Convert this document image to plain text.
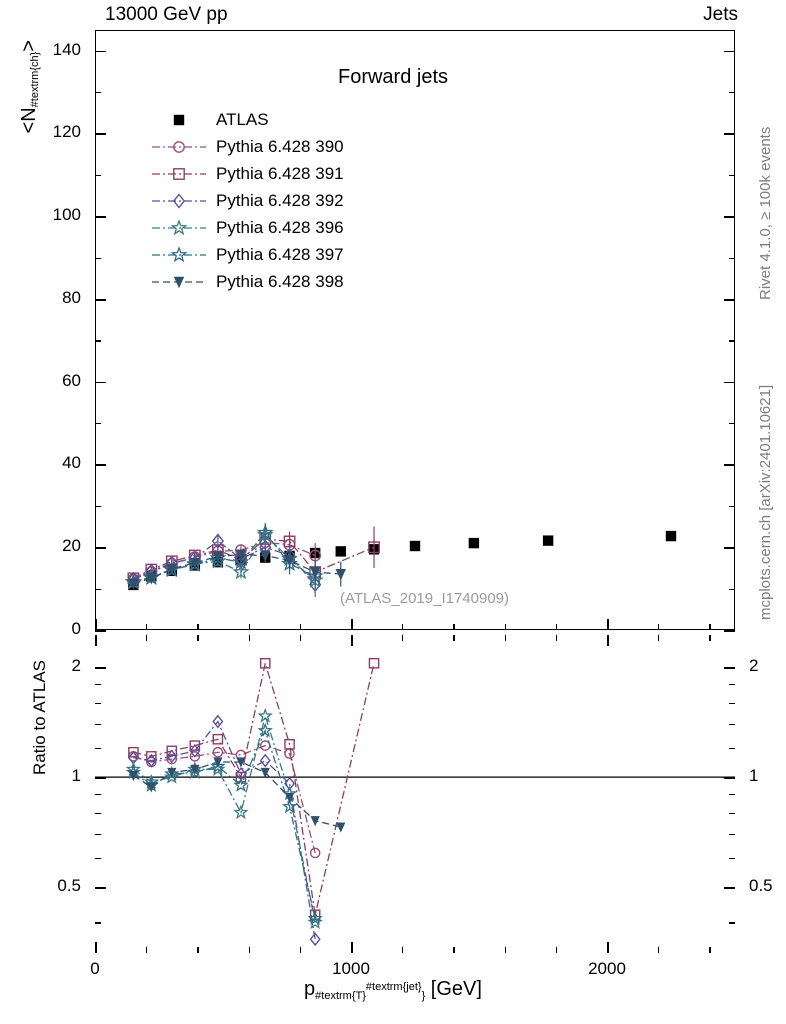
13000 GeV pp	Jets
Rivet 4.1.0, ≥ 100k events
mcplots.cern.ch [arXiv:2401.10621]
Forward jets
(ATLAS_2019_I1740909)
$<N_{\#textrm\{ch\}}>$
Ratio to ATLAS
$p_{\#textrm\{T\}}^{\#textrm\{jet\}}_{\}}$ [GeV]
0
20
40
60
80
100
120
140
0.5	0.5
1	1
2	2
0	1000	2000
ATLAS
Pythia 6.428 390
Pythia 6.428 391
Pythia 6.428 392
Pythia 6.428 396
Pythia 6.428 397
Pythia 6.428 398
